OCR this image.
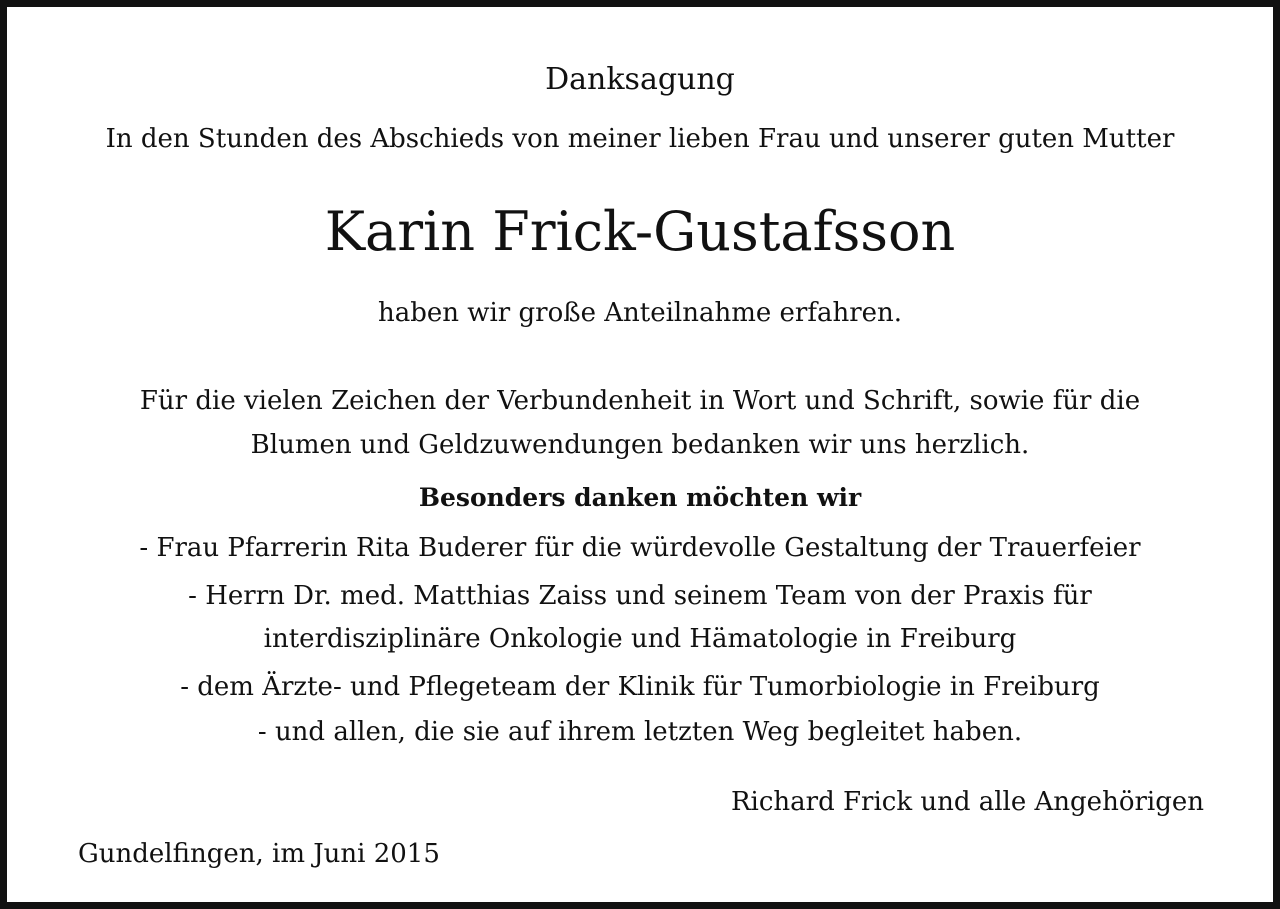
Danksagung
In den Stunden des Abschieds von meiner lieben Frau und unserer guten Mutter
Karin Frick-Gustafsson
haben wir große Anteilnahme erfahren.
Für die vielen Zeichen der Verbundenheit in Wort und Schrift, sowie für die
Blumen und Geldzuwendungen bedanken wir uns herzlich.
Besonders danken möchten wir
- Frau Pfarrerin Rita Buderer für die würdevolle Gestaltung der Trauerfeier
- Herrn Dr. med. Matthias Zaiss und seinem Team von der Praxis für
interdisziplinäre Onkologie und Hämatologie in Freiburg
- dem Ärzte- und Pflegeteam der Klinik für Tumorbiologie in Freiburg
- und allen, die sie auf ihrem letzten Weg begleitet haben.
Richard Frick und alle Angehörigen
Gundelfingen, im Juni 2015
